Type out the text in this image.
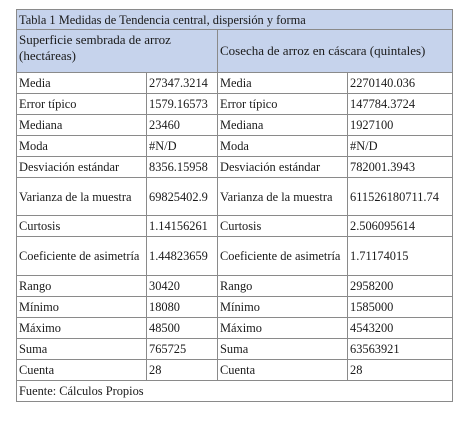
Tabla 1 Medidas de Tendencia central, dispersión y forma			
Superficie sembrada de arroz (hectáreas)		Cosecha de arroz en cáscara (quintales)	
Media	27347.3214	Media	2270140.036
Error típico	1579.16573	Error típico	147784.3724
Mediana	23460	Mediana	1927100
Moda	#N/D	Moda	#N/D
Desviación estándar	8356.15958	Desviación estándar	782001.3943
Varianza de la muestra	69825402.9	Varianza de la muestra	611526180711.74
Curtosis	1.14156261	Curtosis	2.506095614
Coeficiente de asimetría	1.44823659	Coeficiente de asimetría	1.71174015
Rango	30420	Rango	2958200
Mínimo	18080	Mínimo	1585000
Máximo	48500	Máximo	4543200
Suma	765725	Suma	63563921
Cuenta	28	Cuenta	28
Fuente: Cálculos Propios			
